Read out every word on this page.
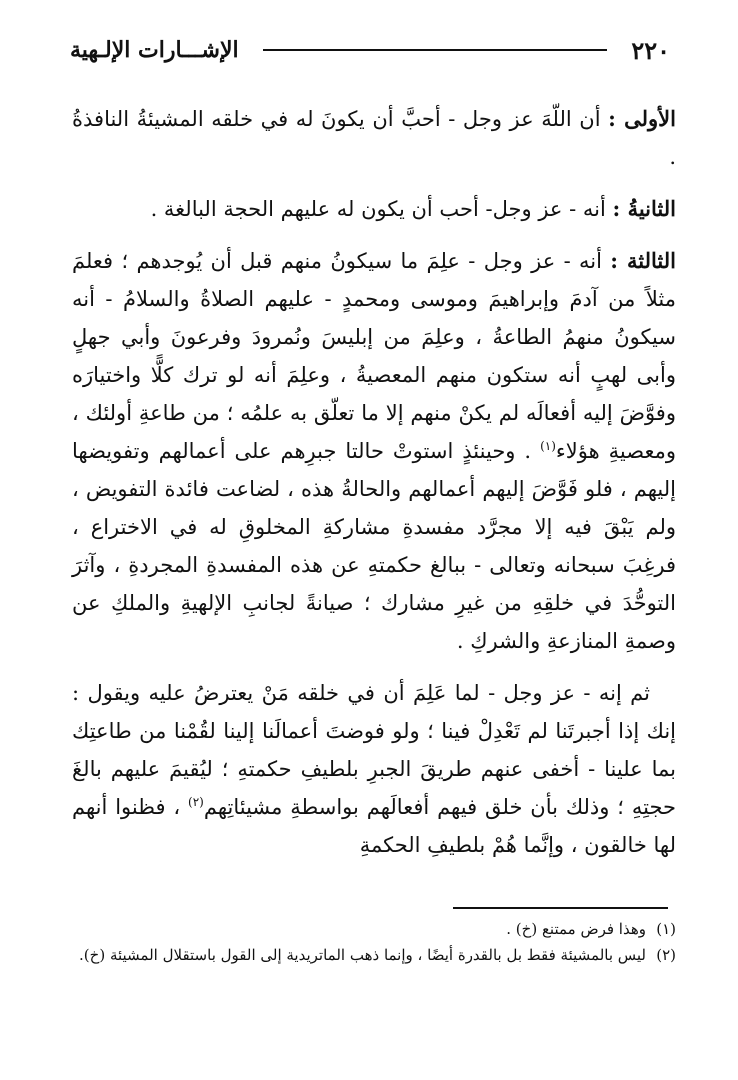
٢٢٠
الإشـــارات الإلـهية

الأولى : أن اللّهَ عز وجل - أحبَّ أن يكونَ له في خلقه المشيئةُ النافذةُ .

الثانيةُ : أنه - عز وجل- أحب أن يكون له عليهم الحجة البالغة .

الثالثة : أنه - عز وجل - علِمَ ما سيكونُ منهم قبل أن يُوجدهم ؛ فعلمَ مثلاً من آدمَ وإبراهيمَ وموسى ومحمدٍ - عليهم الصلاةُ والسلامُ - أنه سيكونُ منهمُ الطاعةُ ، وعلِمَ من إبليسَ ونُمرودَ وفرعونَ وأبي جهلٍ وأبى لهبٍ أنه ستكون منهم المعصيةُ ، وعلِمَ أنه لو ترك كلًّا واختيارَه وفوَّضَ إليه أفعالَه لم يكنْ منهم إلا ما تعلّق به علمُه ؛ من طاعةِ أولئك ، ومعصيةِ هؤلاء$^{(١)}$ . وحينئذٍ استوتْ حالتا جبرِهم على أعمالهم وتفويضها إليهم ، فلو فَوَّضَ إليهم أعمالهم والحالةُ هذه ، لضاعت فائدة التفويض ، ولم يَبْقَ فيه إلا مجرَّد مفسدةِ مشاركةِ المخلوقِ له في الاختراع ، فرغِبَ سبحانه وتعالى - ببالغ حكمتهِ عن هذه المفسدةِ المجردةِ ، وآثرَ التوحُّدَ في خلقِهِ من غيرِ مشارك ؛ صيانةً لجانبِ الإلهيةِ والملكِ عن وصمةِ المنازعةِ والشركِ .

ثم إنه - عز وجل - لما عَلِمَ أن في خلقه مَنْ يعترضُ عليه ويقول : إنك إذا أجبرتَنا لم تَعْدِلْ فينا ؛ ولو فوضتَ أعمالَنا إلينا لقُمْنا من طاعتِك بما علينا - أخفى عنهم طريقَ الجبرِ بلطيفِ حكمتهِ ؛ ليُقيمَ عليهم بالغَ حجتِهِ ؛ وذلك بأن خلق فيهم أفعالَهم بواسطةِ مشيئاتِهم$^{(٢)}$ ، فظنوا أنهم لها خالقون ، وإنَّما هُمْ بلطيفِ الحكمةِ

(١)وهذا فرض ممتنع (خ) .

(٢)ليس بالمشيئة فقط بل بالقدرة أيضًا ، وإنما ذهب الماتريدية إلى القول باستقلال المشيئة (خ).
